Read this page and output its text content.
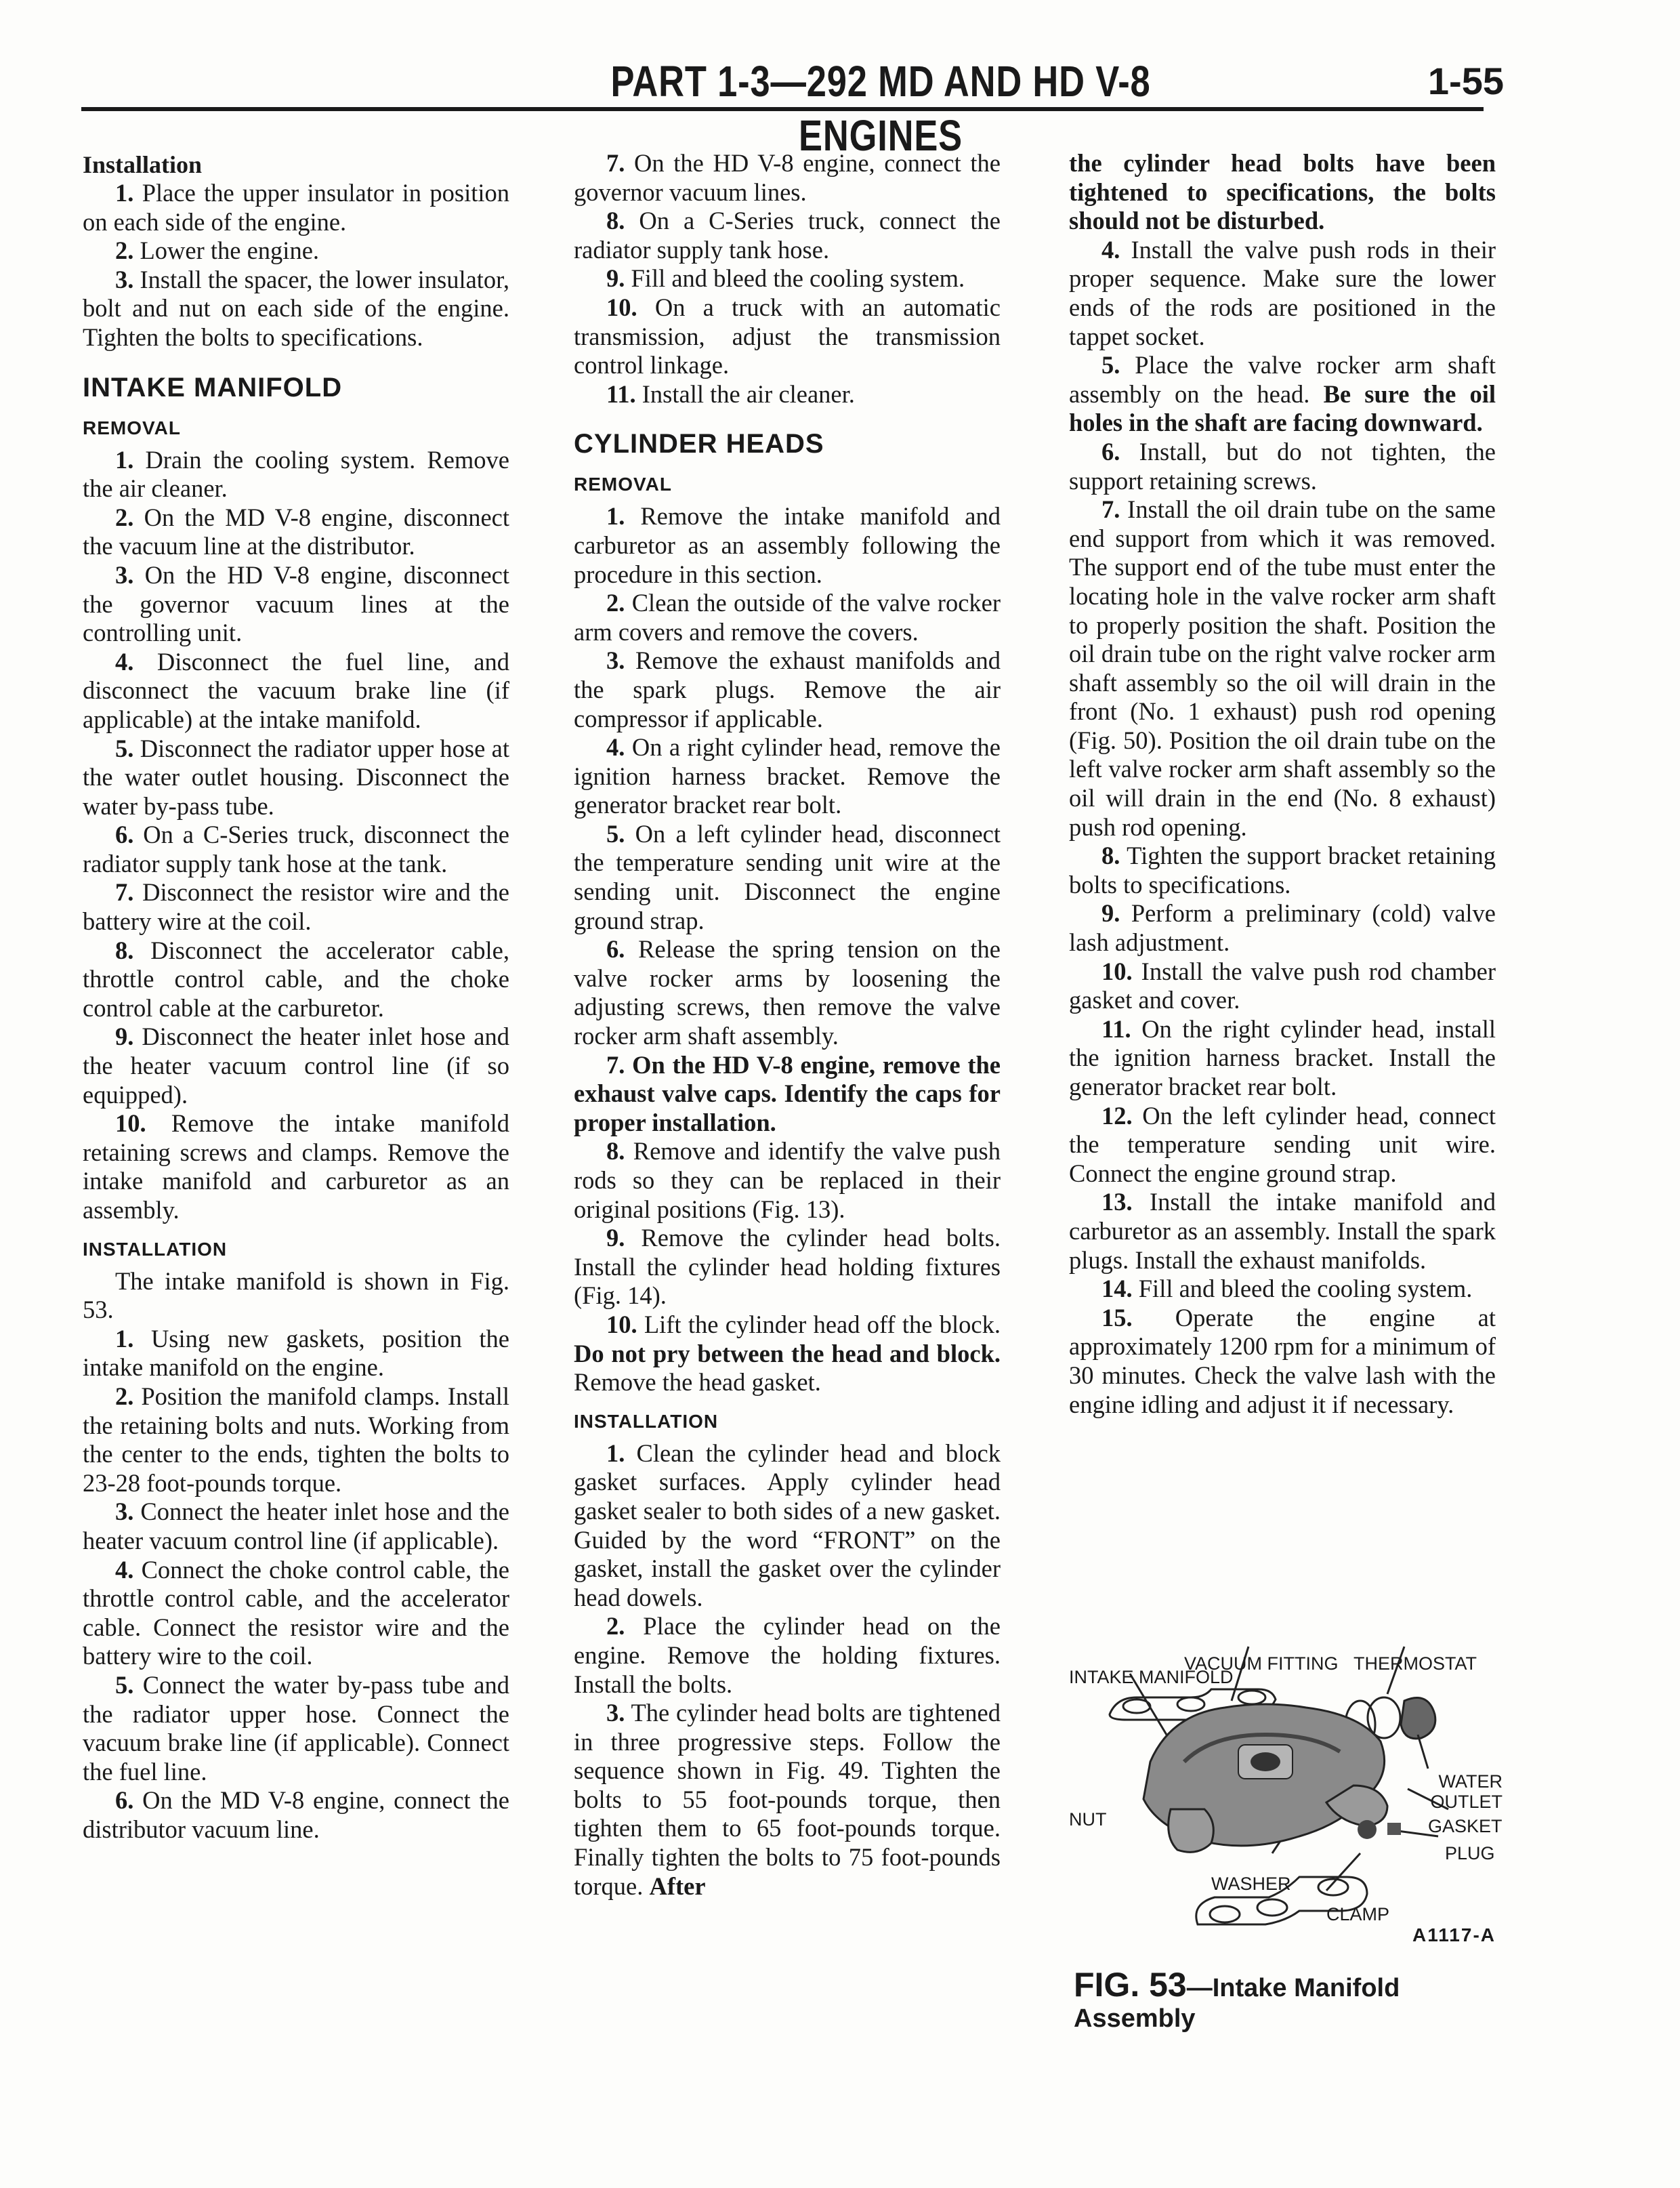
PART 1-3—292 MD AND HD V-8 ENGINES
1-55
Installation

1. Place the upper insulator in position on each side of the engine.

2. Lower the engine.

3. Install the spacer, the lower insulator, bolt and nut on each side of the engine. Tighten the bolts to specifications.

INTAKE MANIFOLD
REMOVAL

1. Drain the cooling system. Remove the air cleaner.

2. On the MD V-8 engine, disconnect the vacuum line at the distributor.

3. On the HD V-8 engine, disconnect the governor vacuum lines at the controlling unit.

4. Disconnect the fuel line, and disconnect the vacuum brake line (if applicable) at the intake manifold.

5. Disconnect the radiator upper hose at the water outlet housing. Disconnect the water by-pass tube.

6. On a C-Series truck, disconnect the radiator supply tank hose at the tank.

7. Disconnect the resistor wire and the battery wire at the coil.

8. Disconnect the accelerator cable, throttle control cable, and the choke control cable at the carburetor.

9. Disconnect the heater inlet hose and the heater vacuum control line (if so equipped).

10. Remove the intake manifold retaining screws and clamps. Remove the intake manifold and carburetor as an assembly.

INSTALLATION

The intake manifold is shown in Fig. 53.

1. Using new gaskets, position the intake manifold on the engine.

2. Position the manifold clamps. Install the retaining bolts and nuts. Working from the center to the ends, tighten the bolts to 23-28 foot-pounds torque.

3. Connect the heater inlet hose and the heater vacuum control line (if applicable).

4. Connect the choke control cable, the throttle control cable, and the accelerator cable. Connect the resistor wire and the battery wire to the coil.

5. Connect the water by-pass tube and the radiator upper hose. Connect the vacuum brake line (if applicable). Connect the fuel line.

6. On the MD V-8 engine, connect the distributor vacuum line.

7. On the HD V-8 engine, connect the governor vacuum lines.

8. On a C-Series truck, connect the radiator supply tank hose.

9. Fill and bleed the cooling system.

10. On a truck with an automatic transmission, adjust the transmission control linkage.

11. Install the air cleaner.

CYLINDER HEADS
REMOVAL

1. Remove the intake manifold and carburetor as an assembly following the procedure in this section.

2. Clean the outside of the valve rocker arm covers and remove the covers.

3. Remove the exhaust manifolds and the spark plugs. Remove the air compressor if applicable.

4. On a right cylinder head, remove the ignition harness bracket. Remove the generator bracket rear bolt.

5. On a left cylinder head, disconnect the temperature sending unit wire at the sending unit. Disconnect the engine ground strap.

6. Release the spring tension on the valve rocker arms by loosening the adjusting screws, then remove the valve rocker arm shaft assembly.

7. On the HD V-8 engine, remove the exhaust valve caps. Identify the caps for proper installation.

8. Remove and identify the valve push rods so they can be replaced in their original positions (Fig. 13).

9. Remove the cylinder head bolts. Install the cylinder head holding fixtures (Fig. 14).

10. Lift the cylinder head off the block. Do not pry between the head and block. Remove the head gasket.

INSTALLATION

1. Clean the cylinder head and block gasket surfaces. Apply cylinder head gasket sealer to both sides of a new gasket. Guided by the word “FRONT” on the gasket, install the gasket over the cylinder head dowels.

2. Place the cylinder head on the engine. Remove the holding fixtures. Install the bolts.

3. The cylinder head bolts are tightened in three progressive steps. Follow the sequence shown in Fig. 49. Tighten the bolts to 55 foot-pounds torque, then tighten them to 65 foot-pounds torque. Finally tighten the bolts to 75 foot-pounds torque. After

the cylinder head bolts have been tightened to specifications, the bolts should not be disturbed.

4. Install the valve push rods in their proper sequence. Make sure the lower ends of the rods are positioned in the tappet socket.

5. Place the valve rocker arm shaft assembly on the head. Be sure the oil holes in the shaft are facing downward.

6. Install, but do not tighten, the support retaining screws.

7. Install the oil drain tube on the same end support from which it was removed. The support end of the tube must enter the locating hole in the valve rocker arm shaft to properly position the shaft. Position the oil drain tube on the right valve rocker arm shaft assembly so the oil will drain in the front (No. 1 exhaust) push rod opening (Fig. 50). Position the oil drain tube on the left valve rocker arm shaft assembly so the oil will drain in the end (No. 8 exhaust) push rod opening.

8. Tighten the support bracket retaining bolts to specifications.

9. Perform a preliminary (cold) valve lash adjustment.

10. Install the valve push rod chamber gasket and cover.

11. On the right cylinder head, install the ignition harness bracket. Install the generator bracket rear bolt.

12. On the left cylinder head, connect the temperature sending unit wire. Connect the engine ground strap.

13. Install the intake manifold and carburetor as an assembly. Install the spark plugs. Install the exhaust manifolds.

14. Fill and bleed the cooling system.

15. Operate the engine at approximately 1200 rpm for a minimum of 30 minutes. Check the valve lash with the engine idling and adjust it if necessary.

INTAKE MANIFOLD
VACUUM FITTING THERMOSTAT
WATER OUTLET
GASKET
PLUG
NUT
WASHER
CLAMP
A1117-A
FIG. 53—Intake Manifold Assembly
